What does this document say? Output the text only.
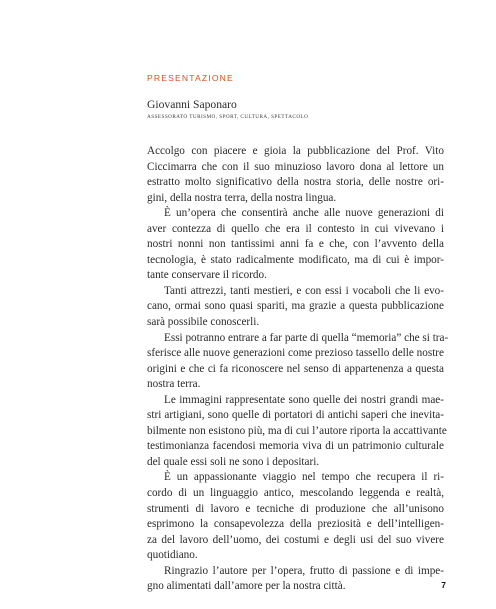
PRESENTAZIONE
Giovanni Saponaro
ASSESSORATO TURISMO, SPORT, CULTURA, SPETTACOLO
Accolgo con piacere e gioia la pubblicazione del Prof. Vito
Ciccimarra che con il suo minuzioso lavoro dona al lettore un
estratto molto significativo della nostra storia, delle nostre ori-
gini, della nostra terra, della nostra lingua.
È un’opera che consentirà anche alle nuove generazioni di
aver contezza di quello che era il contesto in cui vivevano i
nostri nonni non tantissimi anni fa e che, con l’avvento della
tecnologia, è stato radicalmente modificato, ma di cui è impor-
tante conservare il ricordo.
Tanti attrezzi, tanti mestieri, e con essi i vocaboli che li evo-
cano, ormai sono quasi spariti, ma grazie a questa pubblicazione
sarà possibile conoscerli.
Essi potranno entrare a far parte di quella “memoria” che si tra-
sferisce alle nuove generazioni come prezioso tassello delle nostre
origini e che ci fa riconoscere nel senso di appartenenza a questa
nostra terra.
Le immagini rappresentate sono quelle dei nostri grandi mae-
stri artigiani, sono quelle di portatori di antichi saperi che inevita-
bilmente non esistono più, ma di cui l’autore riporta la accattivante
testimonianza facendosi memoria viva di un patrimonio culturale
del quale essi soli ne sono i depositari.
È un appassionante viaggio nel tempo che recupera il ri-
cordo di un linguaggio antico, mescolando leggenda e realtà,
strumenti di lavoro e tecniche di produzione che all’unisono
esprimono la consapevolezza della preziosità e dell’intelligen-
za del lavoro dell’uomo, dei costumi e degli usi del suo vivere
quotidiano.
Ringrazio l’autore per l’opera, frutto di passione e di impe-
gno alimentati dall’amore per la nostra città.	7
